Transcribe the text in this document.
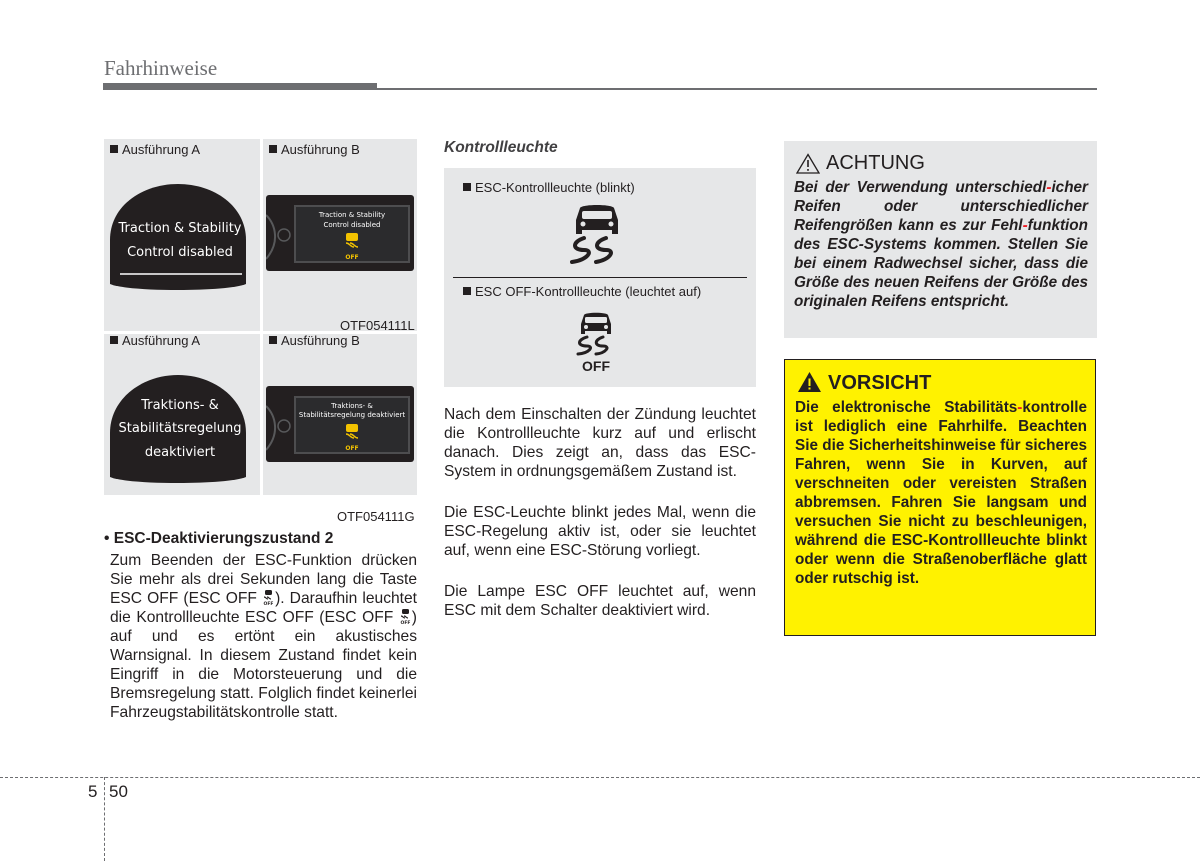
Fahrhinweise
Ausführung A	Ausführung B
Traction & Stability
Control disabled
Traction & Stability
Control disabled
OFF
OTF054111L
Ausführung A	Ausführung B
Traktions- &
Stabilitätsregelung
deaktiviert
Traktions- &
Stabilitätsregelung deaktiviert
OFF
OTF054111G
• ESC-Deaktivierungszustand 2
Zum Beenden der ESC-Funktion drücken Sie mehr als drei Sekunden lang die Taste ESC OFF (ESC OFF OFF ). Daraufhin leuchtet die Kontrollleuchte ESC OFF (ESC OFF OFF ) auf und es ertönt ein akustisches Warnsignal. In diesem Zustand findet kein Eingriff in die Motorsteuerung und die Bremsregelung statt. Folglich findet keinerlei Fahrzeugstabilitätskontrolle statt.
Kontrollleuchte
ESC-Kontrollleuchte (blinkt)
ESC OFF-Kontrollleuchte (leuchtet auf)
OFF
Nach dem Einschalten der Zündung leuchtet die Kontrollleuchte kurz auf und erlischt danach. Dies zeigt an, dass das ESC-System in ordnungsgemäßem Zustand ist.
Die ESC-Leuchte blinkt jedes Mal, wenn die ESC-Regelung aktiv ist, oder sie leuchtet auf, wenn eine ESC-Störung vorliegt.
Die Lampe ESC OFF leuchtet auf, wenn ESC mit dem Schalter deaktiviert wird.
ACHTUNG
Bei der Verwendung unterschiedl-icher Reifen oder unterschiedlicher Reifengrößen kann es zur Fehl-funktion des ESC-Systems kommen. Stellen Sie bei einem Radwechsel sicher, dass die Größe des neuen Reifens der Größe des originalen Reifens entspricht.
VORSICHT
Die elektronische Stabilitäts-kontrolle ist lediglich eine Fahrhilfe. Beachten Sie die Sicherheitshinweise für sicheres Fahren, wenn Sie in Kurven, auf verschneiten oder vereisten Straßen abbremsen. Fahren Sie langsam und versuchen Sie nicht zu beschleunigen, während die ESC-Kontrollleuchte blinkt oder wenn die Straßenoberfläche glatt oder rutschig ist.
5 50
